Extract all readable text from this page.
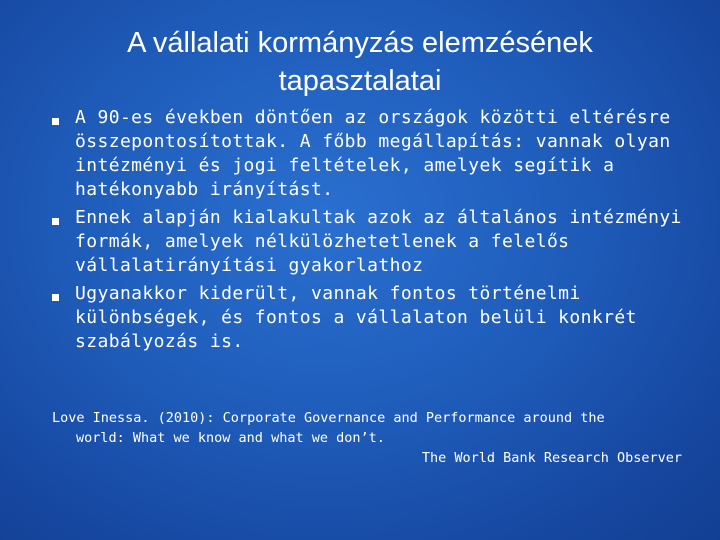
A vállalati kormányzás elemzésének
tapasztalatai
A 90-es években döntően az országok közötti eltérésre összepontosítottak. A főbb megállapítás: vannak olyan intézményi és jogi feltételek, amelyek segítik a hatékonyabb irányítást.
Ennek alapján kialakultak azok az általános intézményi formák, amelyek nélkülözhetetlenek a felelős vállalatirányítási gyakorlathoz
Ugyanakkor kiderült, vannak fontos történelmi különbségek, és fontos a vállalaton belüli konkrét szabályozás is.
Love Inessa. (2010): Corporate Governance and Performance around the
world: What we know and what we don’t.
The World Bank Research Observer
